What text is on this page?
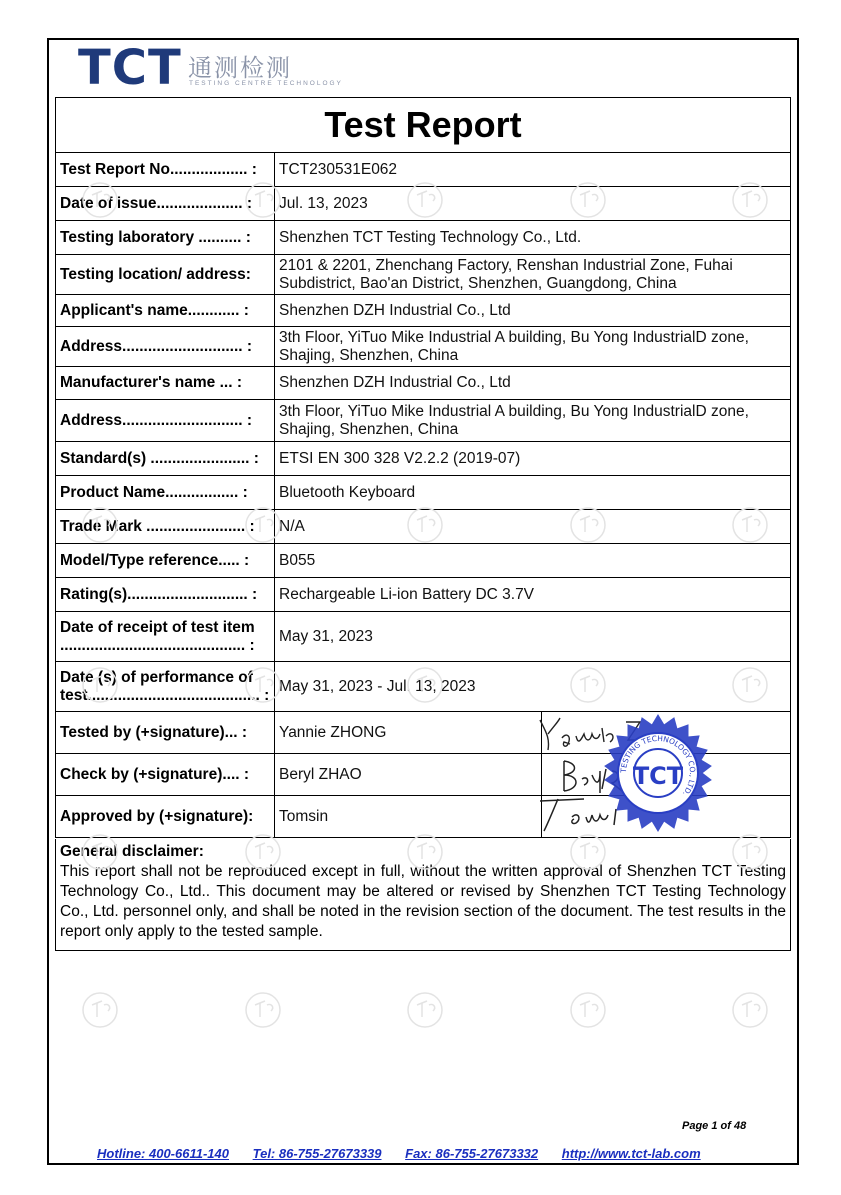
TCT 通测检测
TESTING CENTRE TECHNOLOGY
Test Report		
Test Report No.................. :	TCT230531E062	
Date of issue.................... :	Jul. 13, 2023	
Testing laboratory .......... :	Shenzhen TCT Testing Technology Co., Ltd.	
Testing location/ address:	2101 & 2201, Zhenchang Factory, Renshan Industrial Zone, Fuhai Subdistrict, Bao'an District, Shenzhen, Guangdong, China	
Applicant's name............ :	Shenzhen DZH Industrial Co., Ltd	
Address............................ :	3th Floor, YiTuo Mike Industrial A building, Bu Yong IndustrialD zone, Shajing, Shenzhen, China	
Manufacturer's name ... :	Shenzhen DZH Industrial Co., Ltd	
Address............................ :	3th Floor, YiTuo Mike Industrial A building, Bu Yong IndustrialD zone, Shajing, Shenzhen, China	
Standard(s) ....................... :	ETSI EN 300 328 V2.2.2 (2019-07)	
Product Name................. :	Bluetooth Keyboard	
Trade Mark ....................... :	N/A	
Model/Type reference..... :	B055	
Rating(s)............................ :	Rechargeable Li-ion Battery DC 3.7V	

Date of receipt of test item ........................................... :	May 31, 2023	

Date (s) of performance of test........................................ :	May 31, 2023 - Jul. 13, 2023	
Tested by (+signature)... :	Yannie ZHONG	
Check by (+signature).... :	Beryl ZHAO	
Approved by (+signature):	Tomsin	
General disclaimer:
This report shall not be reproduced except in full, without the written approval of Shenzhen TCT Testing Technology Co., Ltd.. This document may be altered or revised by Shenzhen TCT Testing Technology Co., Ltd. personnel only, and shall be noted in the revision section of the document. The test results in the report only apply to the tested sample.
TCT
TESTING TECHNOLOGY CO., LTD.
Page 1 of 48
Hotline: 400-6611-140 Tel: 86-755-27673339 Fax: 86-755-27673332 http://www.tct-lab.com
